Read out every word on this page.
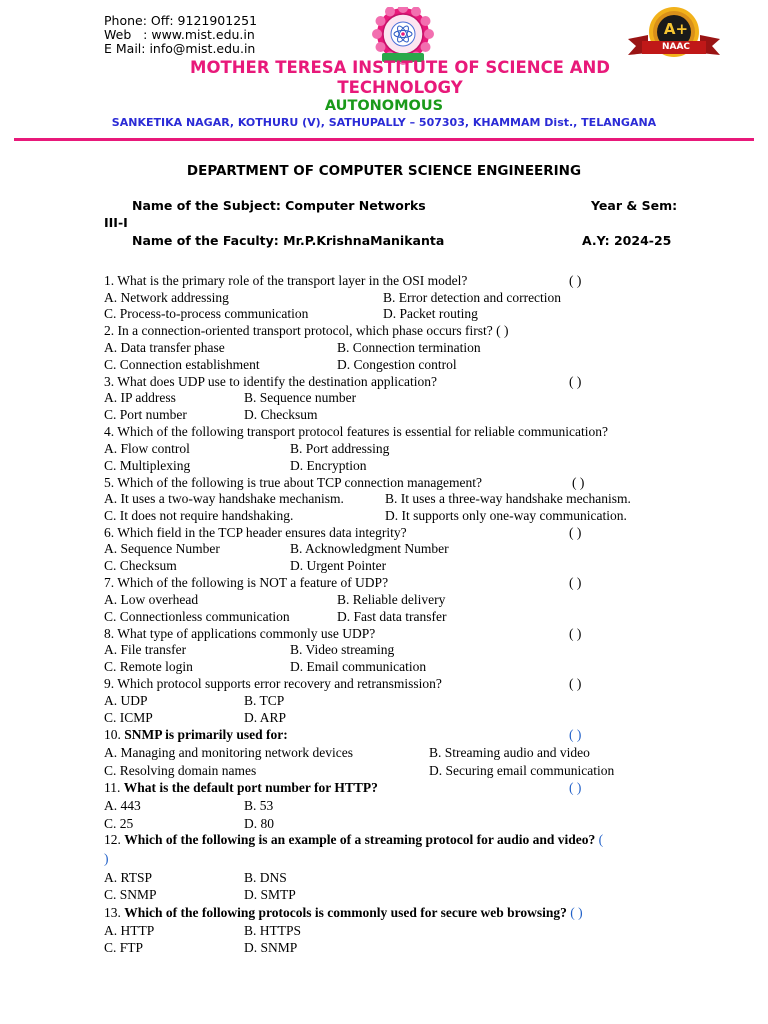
Phone: Off: 9121901251
Web   : www.mist.edu.in
E Mail: info@mist.edu.in
A+
NAAC
MOTHER TERESA INSTITUTE OF SCIENCE AND
TECHNOLOGY
AUTONOMOUS
SANKETIKA NAGAR, KOTHURU (V), SATHUPALLY – 507303, KHAMMAM Dist., TELANGANA
DEPARTMENT OF COMPUTER SCIENCE ENGINEERING
Name of the Subject: Computer Networks	Year & Sem:
III-I
Name of the Faculty: Mr.P.KrishnaManikanta	A.Y: 2024-25
1. What is the primary role of the transport layer in the OSI model?	( )
A. Network addressing	B. Error detection and correction
C. Process-to-process communication	D. Packet routing
2. In a connection-oriented transport protocol, which phase occurs first? ( )
A. Data transfer phase	B. Connection termination
C. Connection establishment	D. Congestion control
3. What does UDP use to identify the destination application?	( )
A. IP address	B. Sequence number
C. Port number	D. Checksum
4. Which of the following transport protocol features is essential for reliable communication?
A. Flow control	B. Port addressing
C. Multiplexing	D. Encryption
5. Which of the following is true about TCP connection management?	( )
A. It uses a two-way handshake mechanism.	B. It uses a three-way handshake mechanism.
C. It does not require handshaking.	D. It supports only one-way communication.
6. Which field in the TCP header ensures data integrity?	( )
A. Sequence Number	B. Acknowledgment Number
C. Checksum	D. Urgent Pointer
7. Which of the following is NOT a feature of UDP?	( )
A. Low overhead	B. Reliable delivery
C. Connectionless communication	D. Fast data transfer
8. What type of applications commonly use UDP?	( )
A. File transfer	B. Video streaming
C. Remote login	D. Email communication
9. Which protocol supports error recovery and retransmission?	( )
A. UDP	B. TCP
C. ICMP	D. ARP
10. SNMP is primarily used for:	( )
A. Managing and monitoring network devices	B. Streaming audio and video
C. Resolving domain names	D. Securing email communication
11. What is the default port number for HTTP?	( )
A. 443	B. 53
C. 25	D. 80
12. Which of the following is an example of a streaming protocol for audio and video? (
)
A. RTSP	B. DNS
C. SNMP	D. SMTP
13. Which of the following protocols is commonly used for secure web browsing? ( )
A. HTTP	B. HTTPS
C. FTP	D. SNMP
